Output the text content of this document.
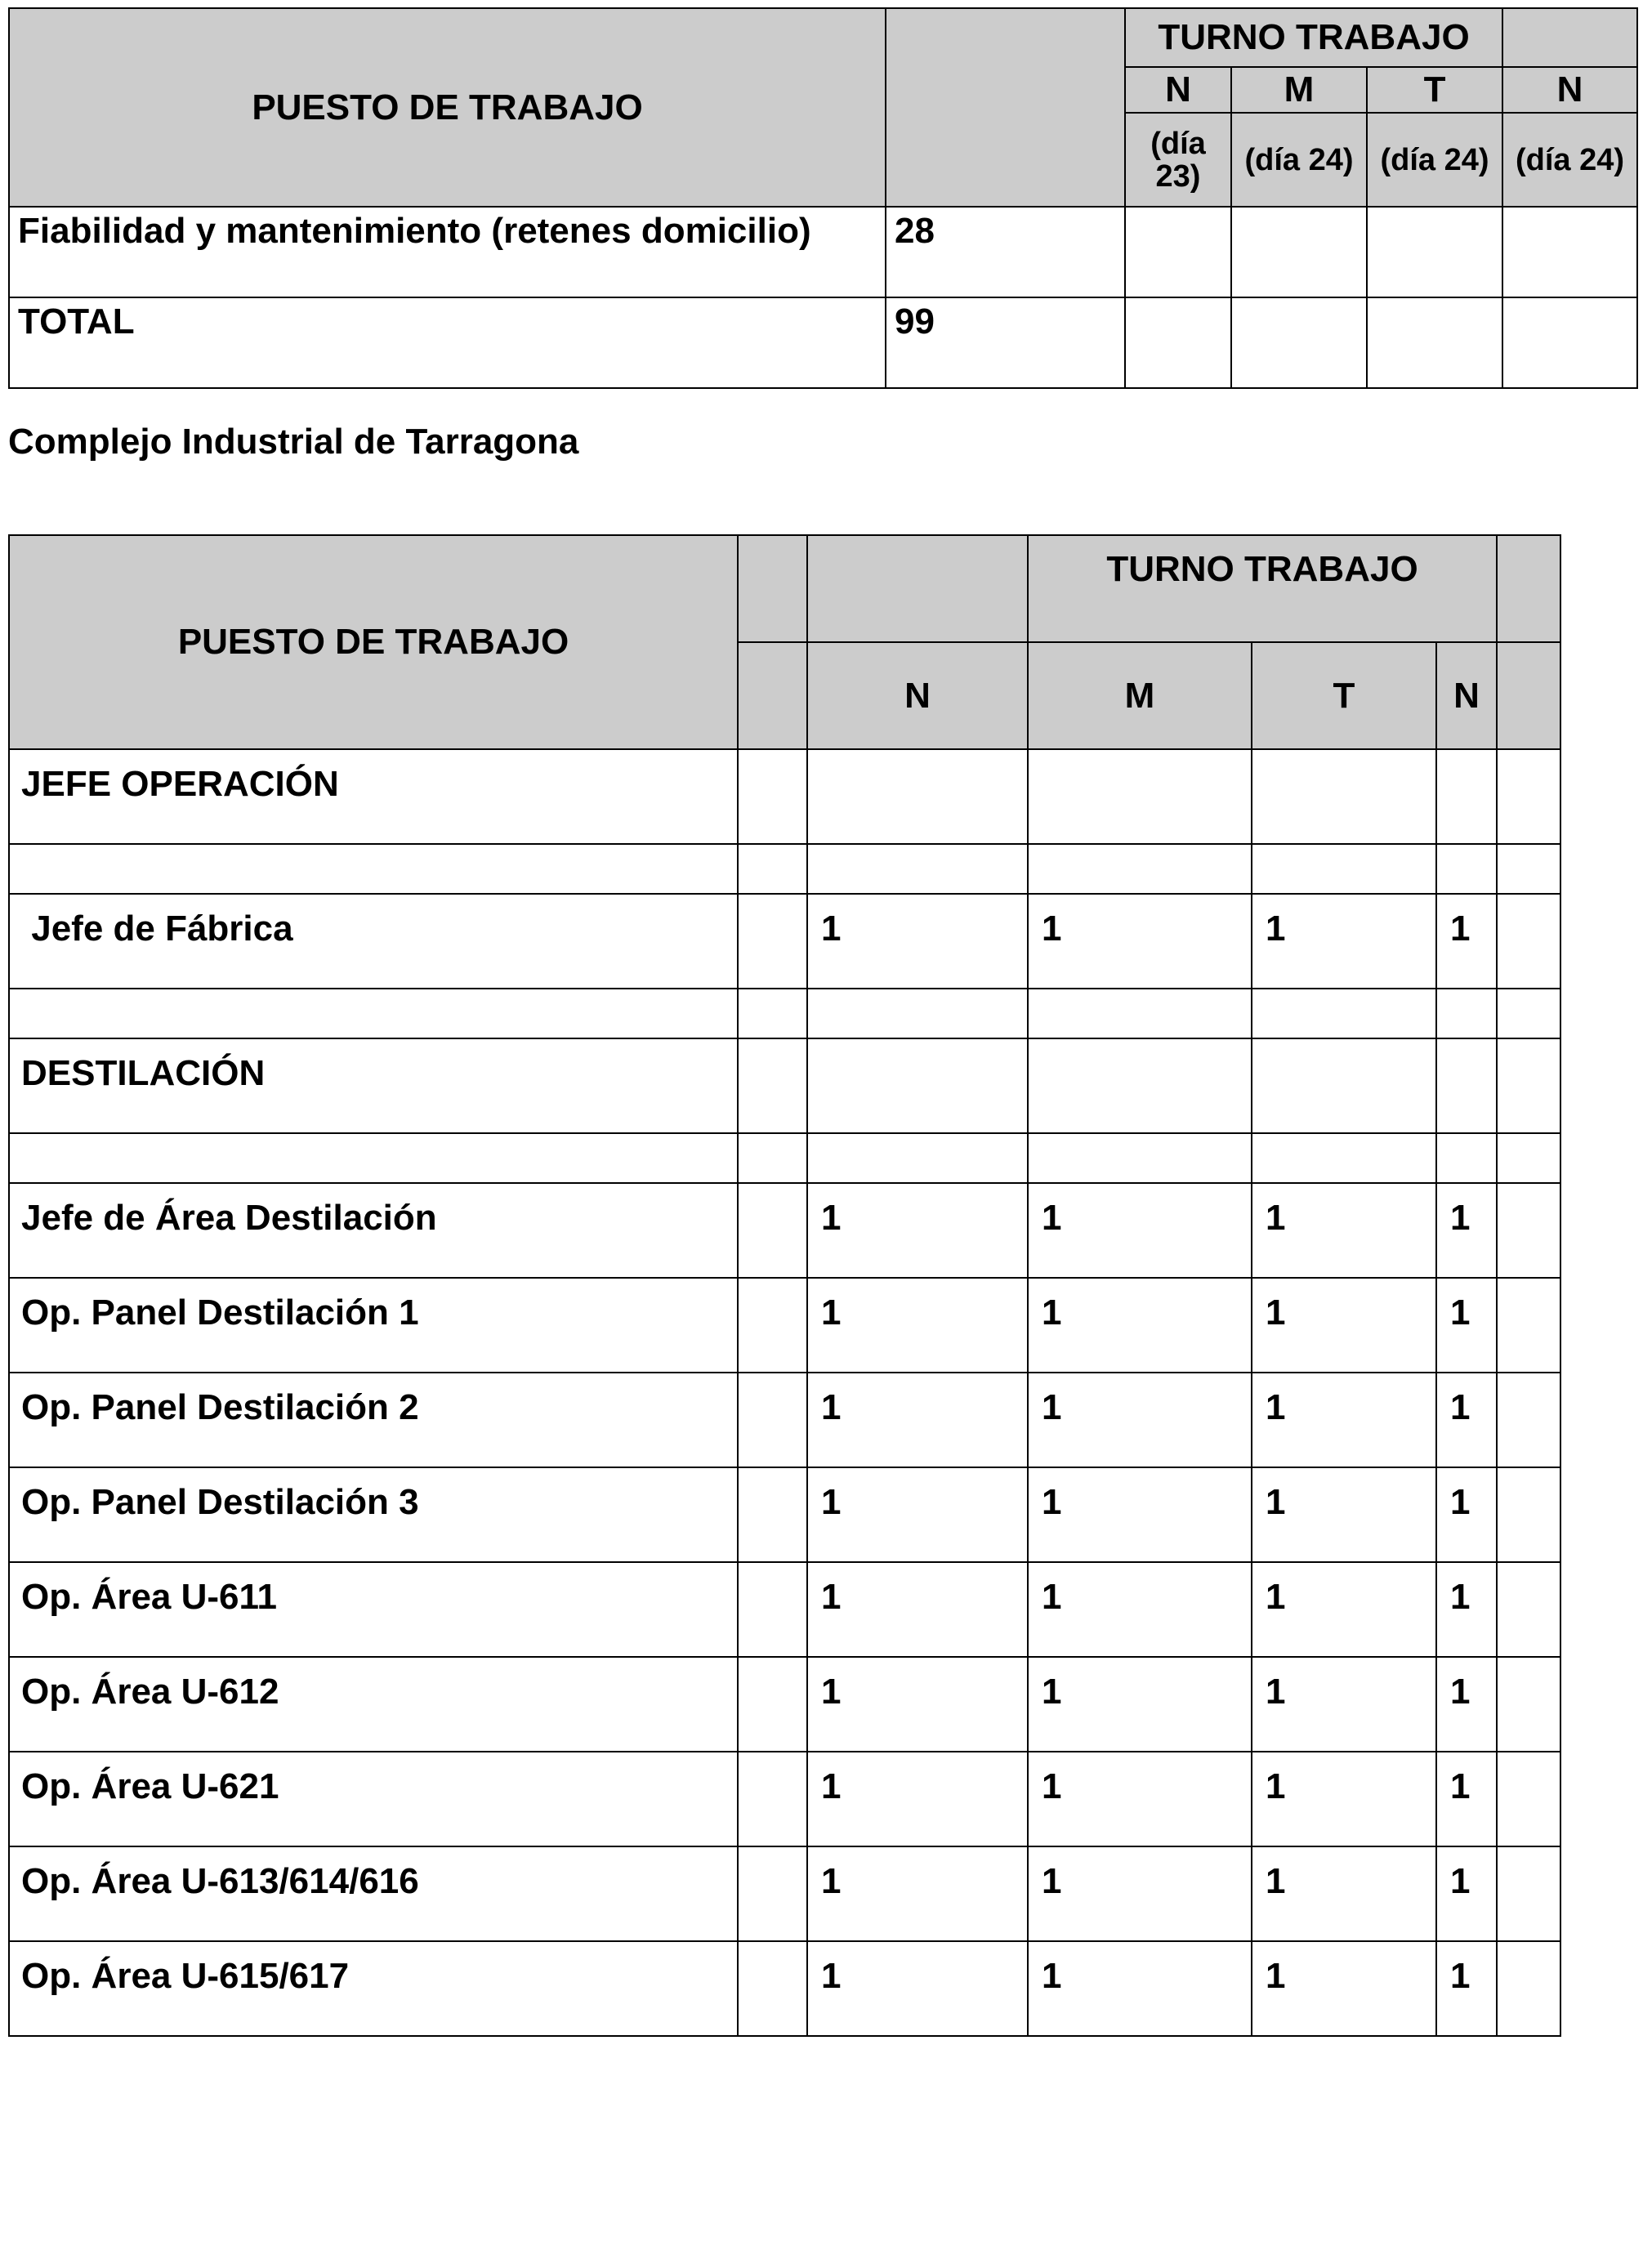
PUESTO DE TRABAJO		TURNO TRABAJO			
		N	M	T	N
		(día 23)	(día 24)	(día 24)	(día 24)
Fiabilidad y mantenimiento (retenes domicilio)	28				
TOTAL	99				
Complejo Industrial de Tarragona
PUESTO DE TRABAJO			TURNO TRABAJO			
		N	M	T	N	
JEFE OPERACIÓN						

Jefe de Fábrica		1	1	1	1	

DESTILACIÓN						

Jefe de Área Destilación		1	1	1	1	
Op. Panel Destilación 1		1	1	1	1	
Op. Panel Destilación 2		1	1	1	1	
Op. Panel Destilación 3		1	1	1	1	
Op. Área U-611		1	1	1	1	
Op. Área U-612		1	1	1	1	
Op. Área U-621		1	1	1	1	
Op. Área U-613/614/616		1	1	1	1	
Op. Área U-615/617		1	1	1	1	
